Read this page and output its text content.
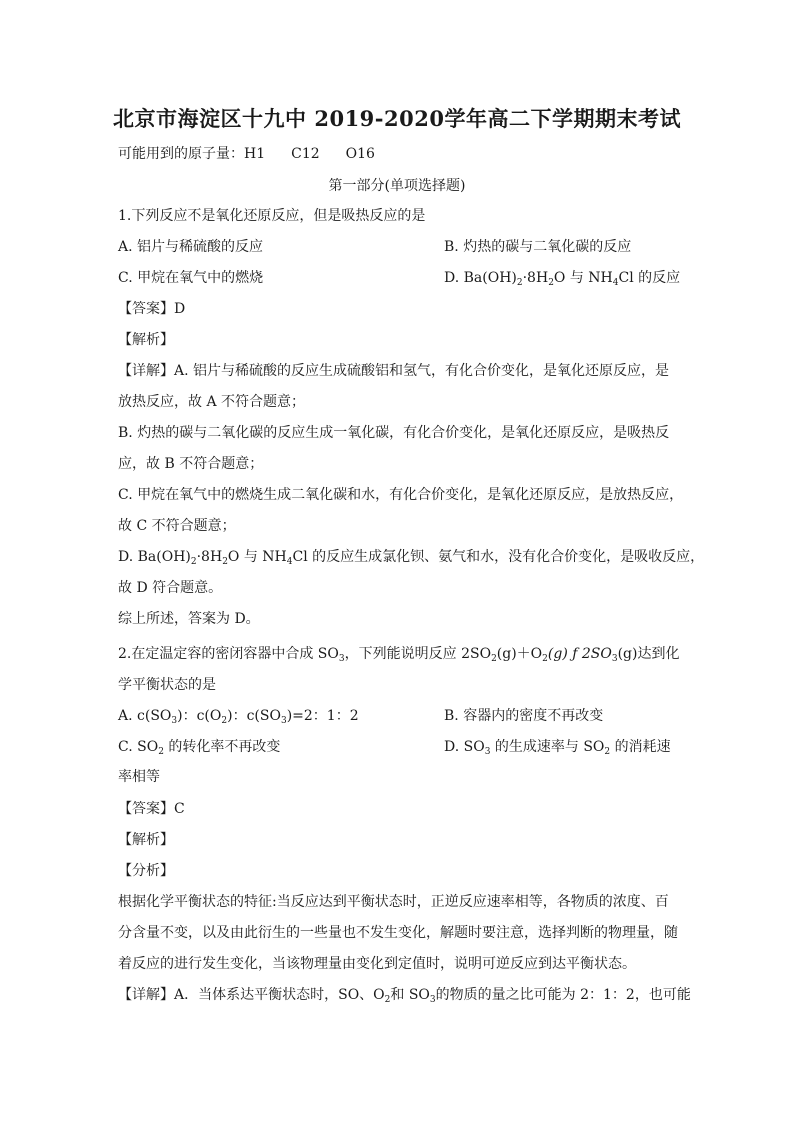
北京市海淀区十九中 2019-2020学年高二下学期期末考试
可能用到的原子量：H1 C12 O16
第一部分(单项选择题)
1.下列反应不是氧化还原反应，但是吸热反应的是
A. 铝片与稀硫酸的反应	B. 灼热的碳与二氧化碳的反应
C. 甲烷在氧气中的燃烧	D. $Ba(OH)_2\cdot 8H_2O$ 与 $NH_4Cl$ 的反应
【答案】D
【解析】
【详解】A. 铝片与稀硫酸的反应生成硫酸铝和氢气，有化合价变化，是氧化还原反应，是
放热反应，故 A 不符合题意；
B. 灼热的碳与二氧化碳的反应生成一氧化碳，有化合价变化，是氧化还原反应，是吸热反
应，故 B 不符合题意；
C. 甲烷在氧气中的燃烧生成二氧化碳和水，有化合价变化，是氧化还原反应，是放热反应，
故 C 不符合题意；
D. $Ba(OH)_2\cdot 8H_2O$ 与 $NH_4Cl$ 的反应生成氯化钡、氨气和水，没有化合价变化，是吸收反应，
故 D 符合题意。
综上所述，答案为 D。
2.在定温定容的密闭容器中合成 $SO_3$，下列能说明反应 $2SO_2(g)+O_2(g)$ ƒ $2SO_3(g)$达到化
学平衡状态的是
A. $c(SO_3)$：$c(O_2)$：$c(SO_3)=2$：1：2	B. 容器内的密度不再改变
C. $SO_2$ 的转化率不再改变	D. $SO_3$ 的生成速率与 $SO_2$ 的消耗速
率相等
【答案】C
【解析】
【分析】
根据化学平衡状态的特征:当反应达到平衡状态时，正逆反应速率相等，各物质的浓度、百
分含量不变，以及由此衍生的一些量也不发生变化，解题时要注意，选择判断的物理量，随
着反应的进行发生变化，当该物理量由变化到定值时，说明可逆反应到达平衡状态。
【详解】A．当体系达平衡状态时，SO、$O_2$和 $SO_3$的物质的量之比可能为 2：1：2，也可能
